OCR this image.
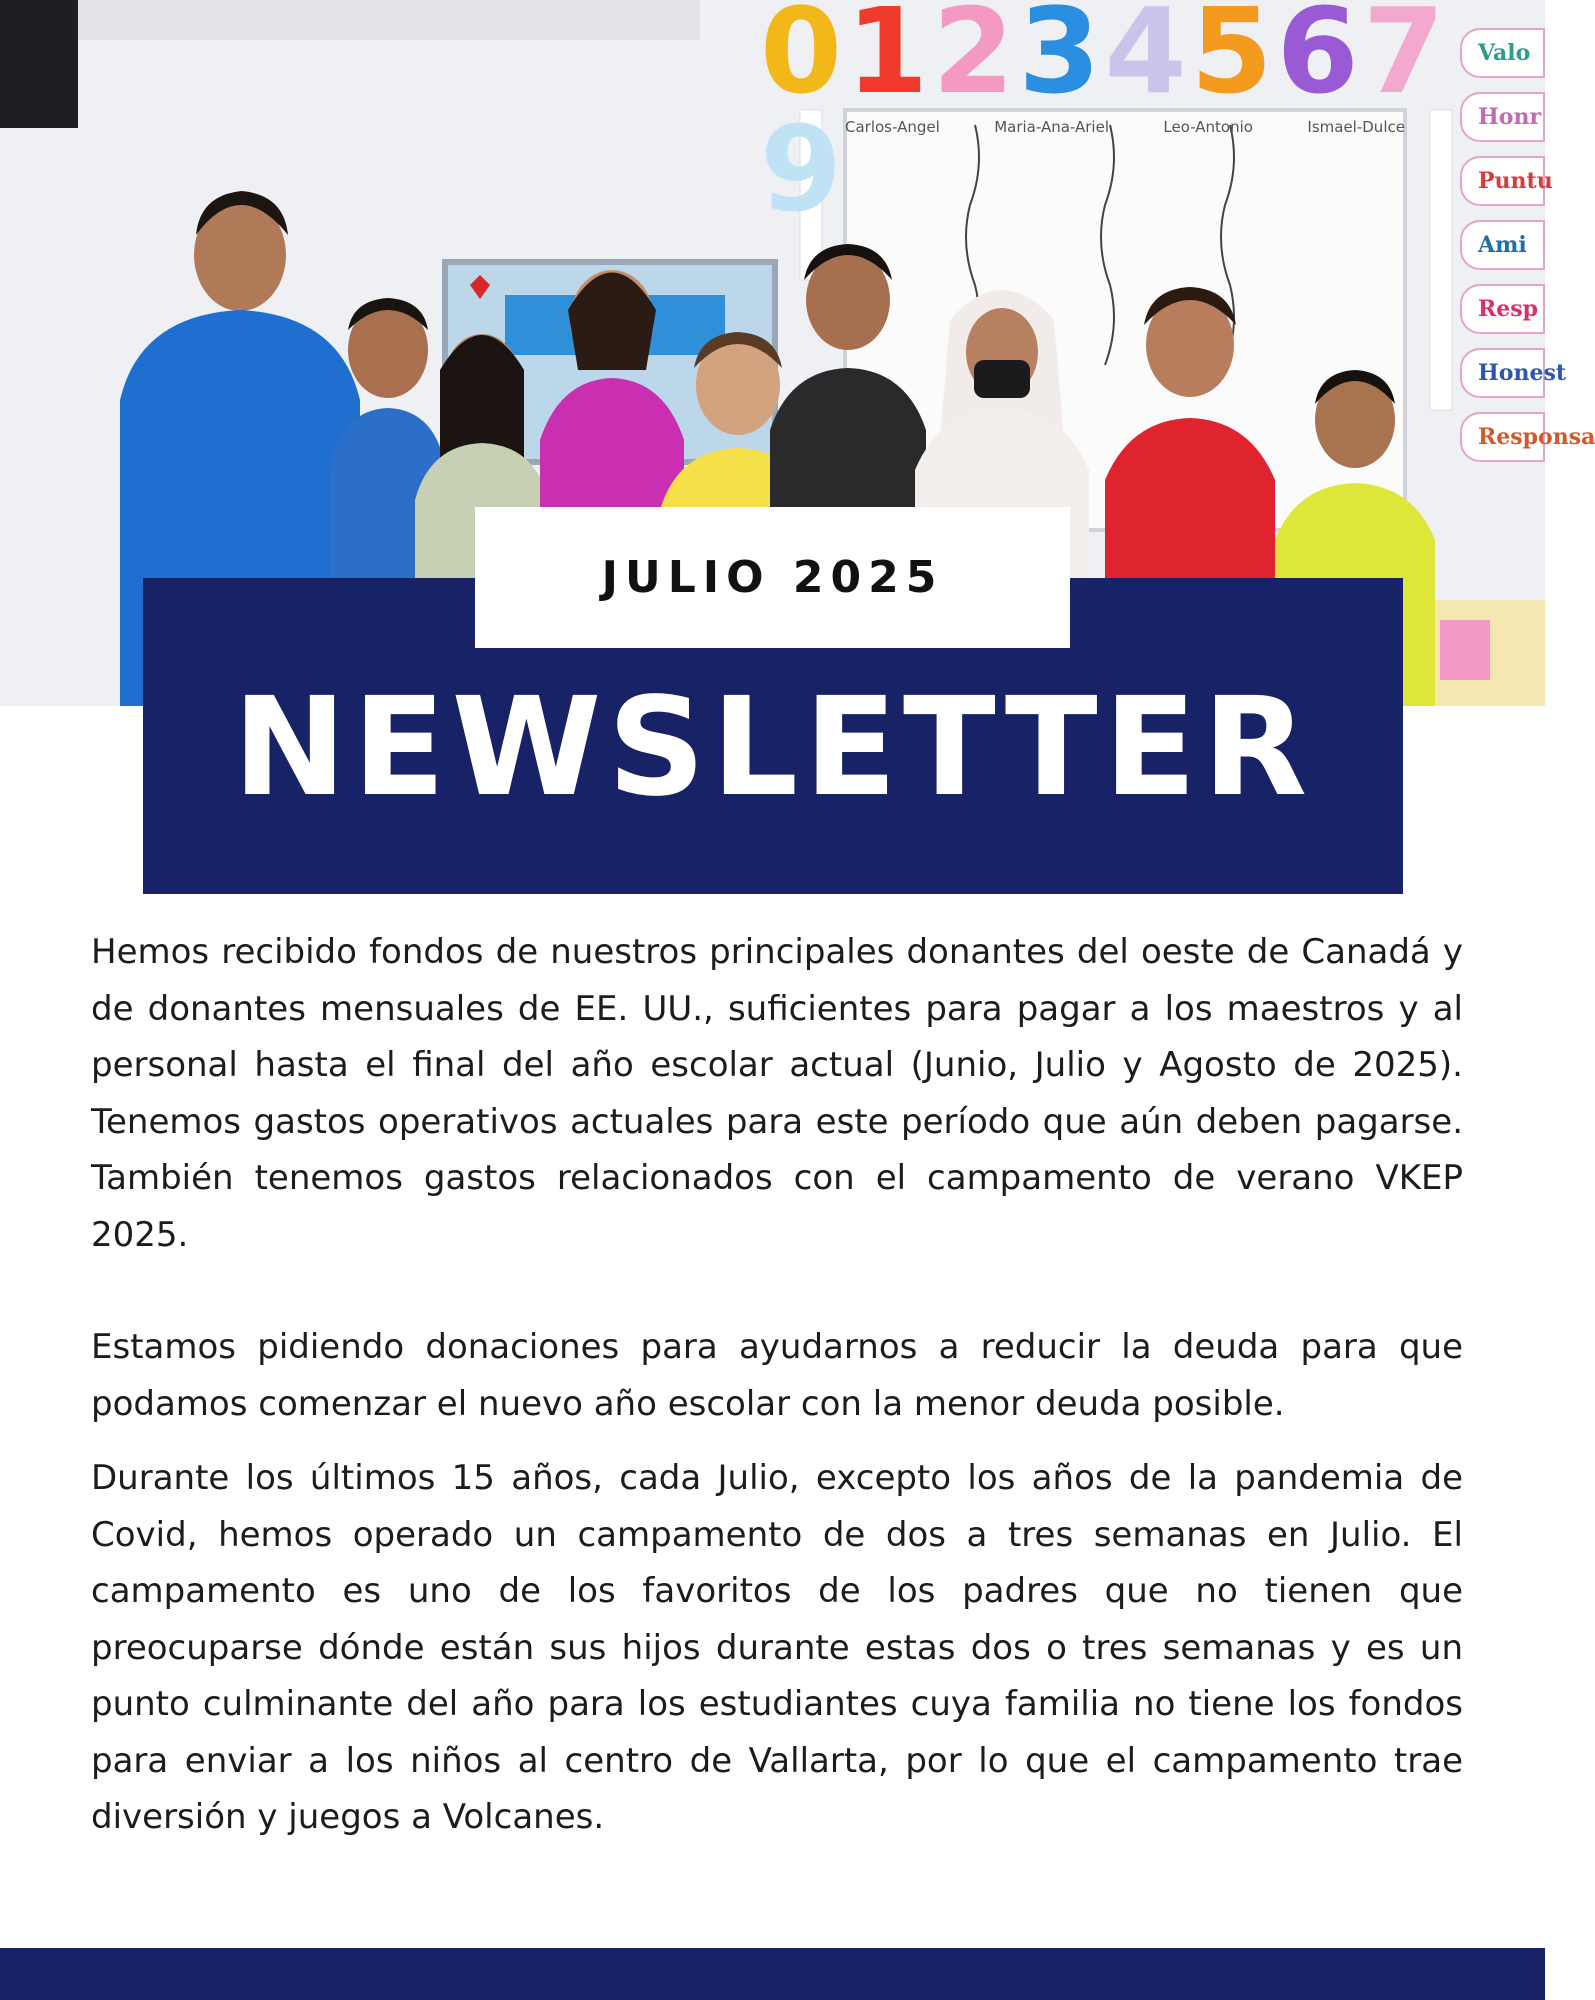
012345679
Carlos-Angel	Maria-Ana-Ariel	Leo-Antonio	Ismael-Dulce
Valo
Honr
Puntu
Ami
Resp
Honest
Responsa
JULIO 2025
NEWSLETTER

Hemos recibido fondos de nuestros principales donantes del oeste de Canadá y de donantes mensuales de EE. UU., suficientes para pagar a los maestros y al personal hasta el final del año escolar actual (Junio, Julio y Agosto de 2025). Tenemos gastos operativos actuales para este período que aún deben pagarse. También tenemos gastos relacionados con el campamento de verano VKEP 2025.

Estamos pidiendo donaciones para ayudarnos a reducir la deuda para que podamos comenzar el nuevo año escolar con la menor deuda posible.

Durante los últimos 15 años, cada Julio, excepto los años de la pandemia de Covid, hemos operado un campamento de dos a tres semanas en Julio. El campamento es uno de los favoritos de los padres que no tienen que preocuparse dónde están sus hijos durante estas dos o tres semanas y es un punto culminante del año para los estudiantes cuya familia no tiene los fondos para enviar a los niños al centro de Vallarta, por lo que el campamento trae diversión y juegos a Volcanes.
